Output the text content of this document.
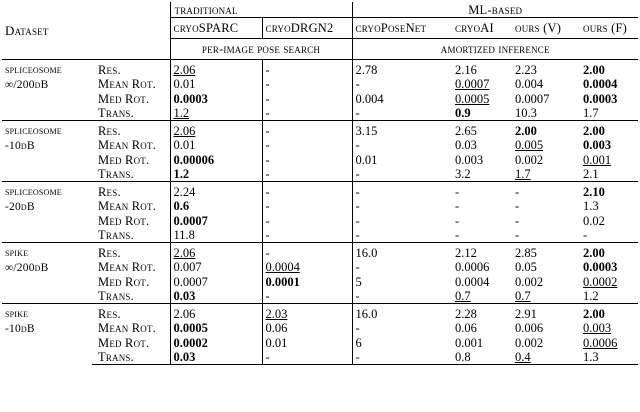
Dataset		traditional		ML-based			
		cryoSPARC	cryoDRGN2	cryoPoseNet	cryoAI	ours (V)	ours (F)
		per-image pose search		amortized inference			

spliceosome
∞/200dB	Res.	2.06	-	2.78	2.16	2.23	2.00
	Mean Rot.	0.01	-	-	0.0007	0.004	0.0004
	Med Rot.	0.0003	-	0.004	0.0005	0.0007	0.0003
	Trans.	1.2	-	-	0.9	10.3	1.7

spliceosome
-10dB	Res.	2.06	-	3.15	2.65	2.00	2.00
	Mean Rot.	0.01	-	-	0.03	0.005	0.003
	Med Rot.	0.00006	-	0.01	0.003	0.002	0.001
	Trans.	1.2	-	-	3.2	1.7	2.1

spliceosome
-20dB	Res.	2.24	-	-	-	-	2.10
	Mean Rot.	0.6	-	-	-	-	1.3
	Med Rot.	0.0007	-	-	-	-	0.02
	Trans.	11.8	-	-	-	-	-

spike
∞/200dB	Res.	2.06	-	16.0	2.12	2.85	2.00
	Mean Rot.	0.007	0.0004	-	0.0006	0.05	0.0003
	Med Rot.	0.0007	0.0001	5	0.0004	0.002	0.0002
	Trans.	0.03	-	-	0.7	0.7	1.2

spike
-10dB	Res.	2.06	2.03	16.0	2.28	2.91	2.00
	Mean Rot.	0.0005	0.06	-	0.06	0.006	0.003
	Med Rot.	0.0002	0.01	6	0.001	0.002	0.0006
	Trans.	0.03	-	-	0.8	0.4	1.3
